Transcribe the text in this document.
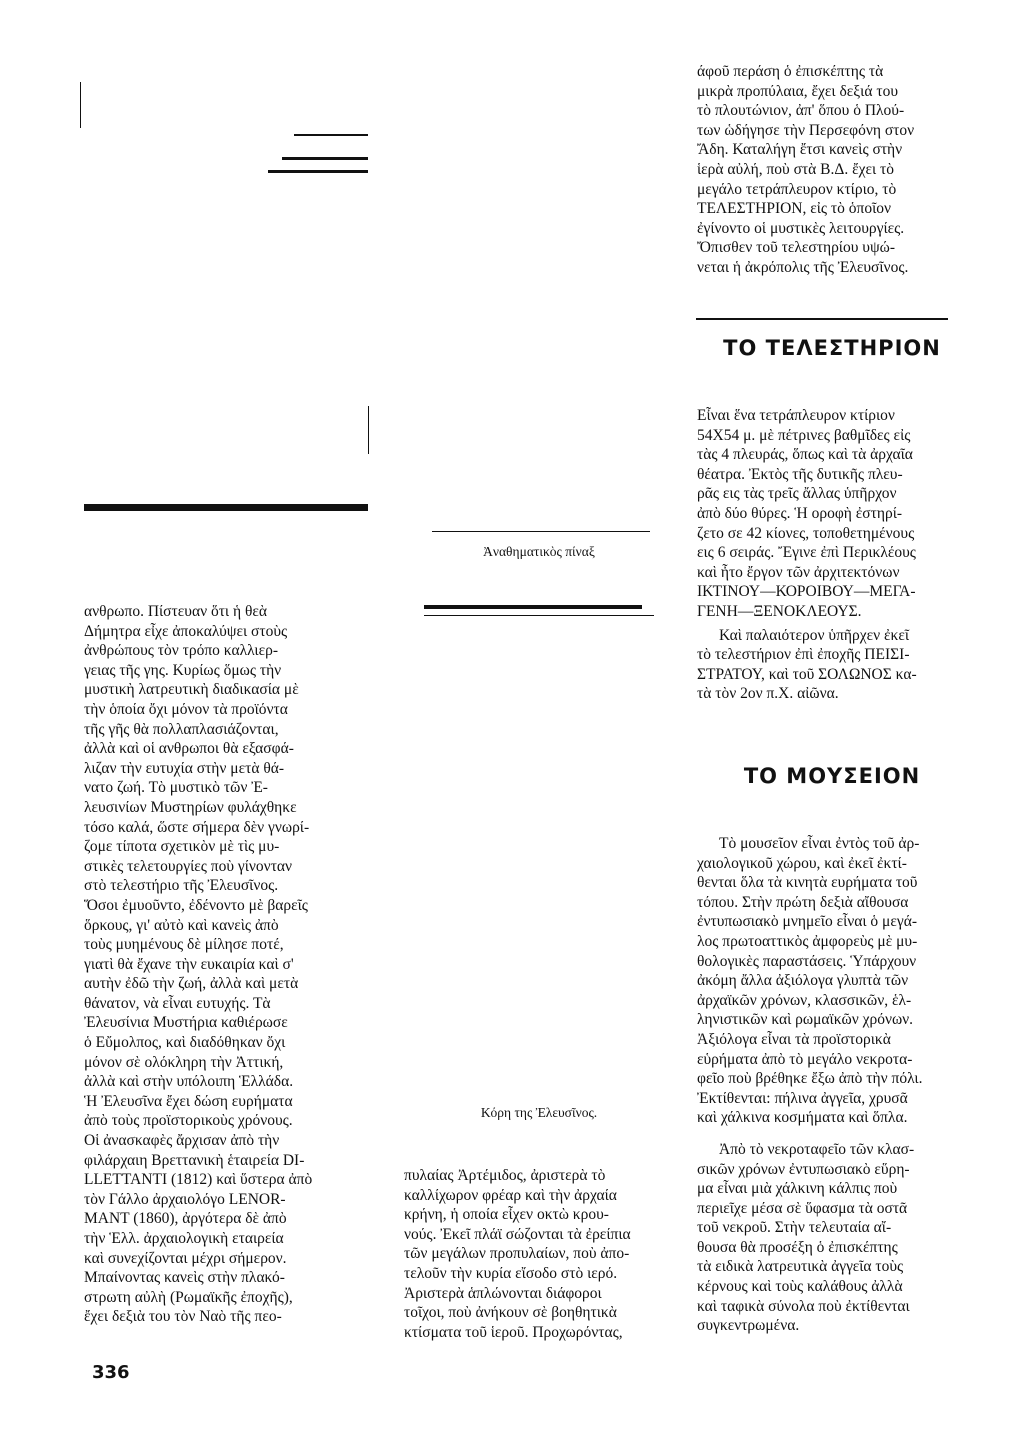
άφοῦ περάση ὁ ἐπισκέπτης τὰ
μικρὰ προπύλαια, ἔχει δεξιά του
τὸ πλουτώνιον, ἀπ' ὅπου ὁ Πλού-
των ὡδήγησε τὴν Περσεφόνη στον
Ἄδη. Καταλήγη ἔτσι κανεὶς στὴν
ἱερὰ αὐλή, ποὺ στὰ Β.Δ. ἔχει τὸ
μεγάλο τετράπλευρον κτίριο, τὸ
ΤΕΛΕΣΤΗΡΙΟΝ, εἰς τὸ ὁποῖον
ἐγίνοντο οἱ μυστικὲς λειτουργίες.
Ὄπισθεν τοῦ τελεστηρίου υψώ-
νεται ἡ ἀκρόπολις τῆς Ἐλευσῖνος.

ΤΟ ΤΕΛΕΣΤΗΡΙΟΝ

Εἶναι ἕνα τετράπλευρον κτίριον
54Χ54 μ. μὲ πέτρινες βαθμῖδες εἰς
τὰς 4 πλευράς, ὅπως καὶ τὰ ἀρχαῖα
θέατρα. Ἐκτὸς τῆς δυτικῆς πλευ-
ρᾶς εις τὰς τρεῖς ἄλλας ὑπῆρχον
ἀπὸ δύο θύρες. Ἡ οροφὴ ἐστηρί-
ζετο σε 42 κίονες, τοποθετημένους
εις 6 σειράς. Ἔγινε ἐπὶ Περικλέους
καὶ ἦτο ἔργον τῶν ἀρχιτεκτόνων
ΙΚΤΙΝΟΥ—ΚΟΡΟΙΒΟΥ—ΜΕΓΑ-
ΓΕΝΗ—ΞΕΝΟΚΛΕΟΥΣ.

Καὶ παλαιότερον ὑπῆρχεν ἐκεῖ
τὸ τελεστήριον ἐπὶ ἐποχῆς ΠΕΙΣΙ-
ΣΤΡΑΤΟΥ, καὶ τοῦ ΣΟΛΩΝΟΣ κα-
τὰ τὸν 2ον π.Χ. αἰῶνα.

ΤΟ ΜΟΥΣΕΙΟΝ

Τὸ μουσεῖον εἶναι ἐντὸς τοῦ ἀρ-
χαιολογικοῦ χώρου, καὶ ἐκεῖ ἐκτί-
θενται ὅλα τὰ κινητὰ ευρήματα τοῦ
τόπου. Στὴν πρώτη δεξιὰ αἴθουσα
ἐντυπωσιακὸ μνημεῖο εἶναι ὁ μεγά-
λος πρωτοαττικὸς ἀμφορεὺς μὲ μυ-
θολογικὲς παραστάσεις. Ὑπάρχουν
ἀκόμη ἄλλα ἀξιόλογα γλυπτὰ τῶν
ἀρχαϊκῶν χρόνων, κλασσικῶν, ἑλ-
ληνιστικῶν καὶ ρωμαϊκῶν χρόνων.
Ἀξιόλογα εἶναι τὰ προϊστορικὰ
εὑρήματα ἀπὸ τὸ μεγάλο νεκροτα-
φεῖο ποὺ βρέθηκε ἔξω ἀπὸ τὴν πόλι.
Ἐκτίθενται: πήλινα ἀγγεῖα, χρυσᾶ
καὶ χάλκινα κοσμήματα καὶ ὅπλα.

Ἀπὸ τὸ νεκροταφεῖο τῶν κλασ-
σικῶν χρόνων ἐντυπωσιακὸ εὕρη-
μα εἶναι μιὰ χάλκινη κάλπις ποὺ
περιεῖχε μέσα σὲ ὕφασμα τὰ οστᾶ
τοῦ νεκροῦ. Στὴν τελευταία αἴ-
θουσα θὰ προσέξη ὁ ἐπισκέπτης
τὰ ειδικὰ λατρευτικὰ ἀγγεῖα τοὺς
κέρνους καὶ τοὺς καλάθους ἀλλὰ
καὶ ταφικὰ σύνολα ποὺ ἐκτίθενται
συγκεντρωμένα.

Ἀναθηματικὸς πίναξ
Κόρη της Ἐλευσῖνος.

ανθρωπο. Πίστευαν ὅτι ἡ θεὰ
Δήμητρα εἶχε ἀποκαλύψει στοὺς
ἀνθρώπους τὸν τρόπο καλλιερ-
γειας τῆς γης. Κυρίως ὅμως τὴν
μυστικὴ λατρευτικὴ διαδικασία μὲ
τὴν ὁποία ὄχι μόνον τὰ προϊόντα
τῆς γῆς θὰ πολλαπλασιάζονται,
ἀλλὰ καὶ οἱ ανθρωποι θὰ εξασφά-
λιζαν τὴν ευτυχία στὴν μετὰ θά-
νατο ζωή. Τὸ μυστικὸ τῶν Ἐ-
λευσινίων Μυστηρίων φυλάχθηκε
τόσο καλά, ὥστε σήμερα δὲν γνωρί-
ζομε τίποτα σχετικὸν μὲ τὶς μυ-
στικὲς τελετουργίες ποὺ γίνονταν
στὸ τελεστήριο τῆς Ἐλευσῖνος.
Ὅσοι ἐμυοῦντο, ἐδένοντο μὲ βαρεῖς
ὅρκους, γι' αὐτὸ καὶ κανεὶς ἀπὸ
τοὺς μυημένους δὲ μίλησε ποτέ,
γιατὶ θὰ ἔχανε τὴν ευκαιρία καὶ σ'
αυτὴν ἐδῶ τὴν ζωή, ἀλλὰ καὶ μετὰ
θάνατον, νὰ εἶναι ευτυχής. Τὰ
Ἐλευσίνια Μυστήρια καθιέρωσε
ὁ Εὔμολπος, καὶ διαδόθηκαν ὄχι
μόνον σὲ ολόκληρη τὴν Ἀττική,
ἀλλὰ καὶ στὴν υπόλοιπη Ἑλλάδα.
Ἡ Ἐλευσῖνα ἔχει δώση ευρήματα
ἀπὸ τοὺς προϊστορικοὺς χρόνους.
Οἱ ἀνασκαφὲς ἄρχισαν ἀπὸ τὴν
φιλάρχαιη Βρεττανικὴ ἑταιρεία DI-
LLETTANTI (1812) καὶ ὕστερα ἀπὸ
τὸν Γάλλο ἀρχαιολόγο LENOR-
MANT (1860), ἀργότερα δὲ ἀπὸ
τὴν Ἑλλ. ἀρχαιολογικὴ εταιρεία
καὶ συνεχίζονται μέχρι σήμερον.
Μπαίνοντας κανεὶς στὴν πλακό-
στρωτη αὐλὴ (Ρωμαϊκῆς ἐποχῆς),
ἔχει δεξιὰ του τὸν Ναὸ τῆς πεο-

πυλαίας Ἀρτέμιδος, ἀριστερὰ τὸ
καλλίχωρον φρέαρ καὶ τὴν ἀρχαία
κρήνη, ἡ οποία εἶχεν οκτὼ κρου-
νούς. Ἐκεῖ πλάϊ σώζονται τὰ ἐρείπια
τῶν μεγάλων προπυλαίων, ποὺ ἀπο-
τελοῦν τὴν κυρία εἴσοδο στὸ ιερό.
Ἀριστερὰ ἁπλώνονται διάφοροι
τοῖχοι, ποὺ ἀνήκουν σὲ βοηθητικὰ
κτίσματα τοῦ ἱεροῦ. Προχωρόντας,

336
